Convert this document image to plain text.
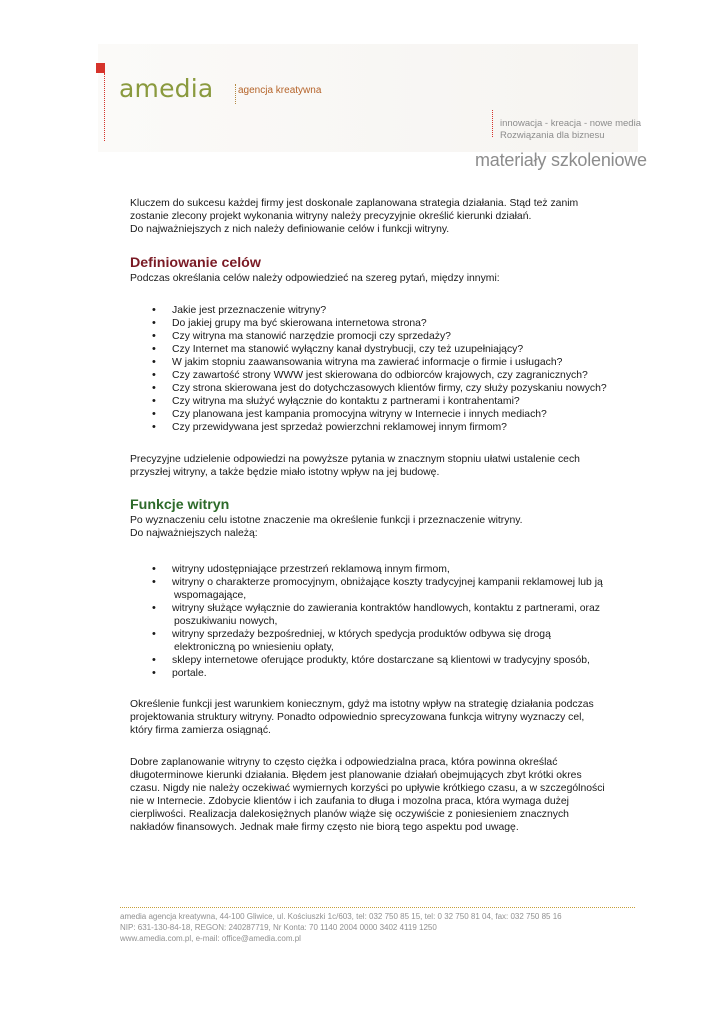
amedia agencja kreatywna
innowacja - kreacja - nowe media
Rozwiązania dla biznesu
materiały szkoleniowe

Kluczem do sukcesu każdej firmy jest doskonale zaplanowana strategia działania. Stąd też zanim
zostanie zlecony projekt wykonania witryny należy precyzyjnie określić kierunki działań.
Do najważniejszych z nich należy definiowanie celów i funkcji witryny.

Definiowanie celów

Podczas określania celów należy odpowiedzieć na szereg pytań, między innymi:

• Jakie jest przeznaczenie witryny?
• Do jakiej grupy ma być skierowana internetowa strona?
• Czy witryna ma stanowić narzędzie promocji czy sprzedaży?
• Czy Internet ma stanowić wyłączny kanał dystrybucji, czy też uzupełniający?
• W jakim stopniu zaawansowania witryna ma zawierać informacje o firmie i usługach?
• Czy zawartość strony WWW jest skierowana do odbiorców krajowych, czy zagranicznych?
• Czy strona skierowana jest do dotychczasowych klientów firmy, czy służy pozyskaniu nowych?
• Czy witryna ma służyć wyłącznie do kontaktu z partnerami i kontrahentami?
• Czy planowana jest kampania promocyjna witryny w Internecie i innych mediach?
• Czy przewidywana jest sprzedaż powierzchni reklamowej innym firmom?

Precyzyjne udzielenie odpowiedzi na powyższe pytania w znacznym stopniu ułatwi ustalenie cech
przyszłej witryny, a także będzie miało istotny wpływ na jej budowę.

Funkcje witryn

Po wyznaczeniu celu istotne znaczenie ma określenie funkcji i przeznaczenie witryny.
Do najważniejszych należą:

• witryny udostępniające przestrzeń reklamową innym firmom,
• witryny o charakterze promocyjnym, obniżające koszty tradycyjnej kampanii reklamowej lub ją
wspomagające,
• witryny służące wyłącznie do zawierania kontraktów handlowych, kontaktu z partnerami, oraz
poszukiwaniu nowych,
• witryny sprzedaży bezpośredniej, w których spedycja produktów odbywa się drogą
elektroniczną po wniesieniu opłaty,
• sklepy internetowe oferujące produkty, które dostarczane są klientowi w tradycyjny sposób,
• portale.

Określenie funkcji jest warunkiem koniecznym, gdyż ma istotny wpływ na strategię działania podczas
projektowania struktury witryny. Ponadto odpowiednio sprecyzowana funkcja witryny wyznaczy cel,
który firma zamierza osiągnąć.

Dobre zaplanowanie witryny to często ciężka i odpowiedzialna praca, która powinna określać
długoterminowe kierunki działania. Błędem jest planowanie działań obejmujących zbyt krótki okres
czasu. Nigdy nie należy oczekiwać wymiernych korzyści po upływie krótkiego czasu, a w szczególności
nie w Internecie. Zdobycie klientów i ich zaufania to długa i mozolna praca, która wymaga dużej
cierpliwości. Realizacja dalekosiężnych planów wiąże się oczywiście z poniesieniem znacznych
nakładów finansowych. Jednak małe firmy często nie biorą tego aspektu pod uwagę.

amedia agencja kreatywna, 44-100 Gliwice, ul. Kościuszki 1c/603, tel: 032 750 85 15, tel: 0 32 750 81 04, fax: 032 750 85 16
NIP: 631-130-84-18, REGON: 240287719, Nr Konta: 70 1140 2004 0000 3402 4119 1250
www.amedia.com.pl, e-mail: office@amedia.com.pl
